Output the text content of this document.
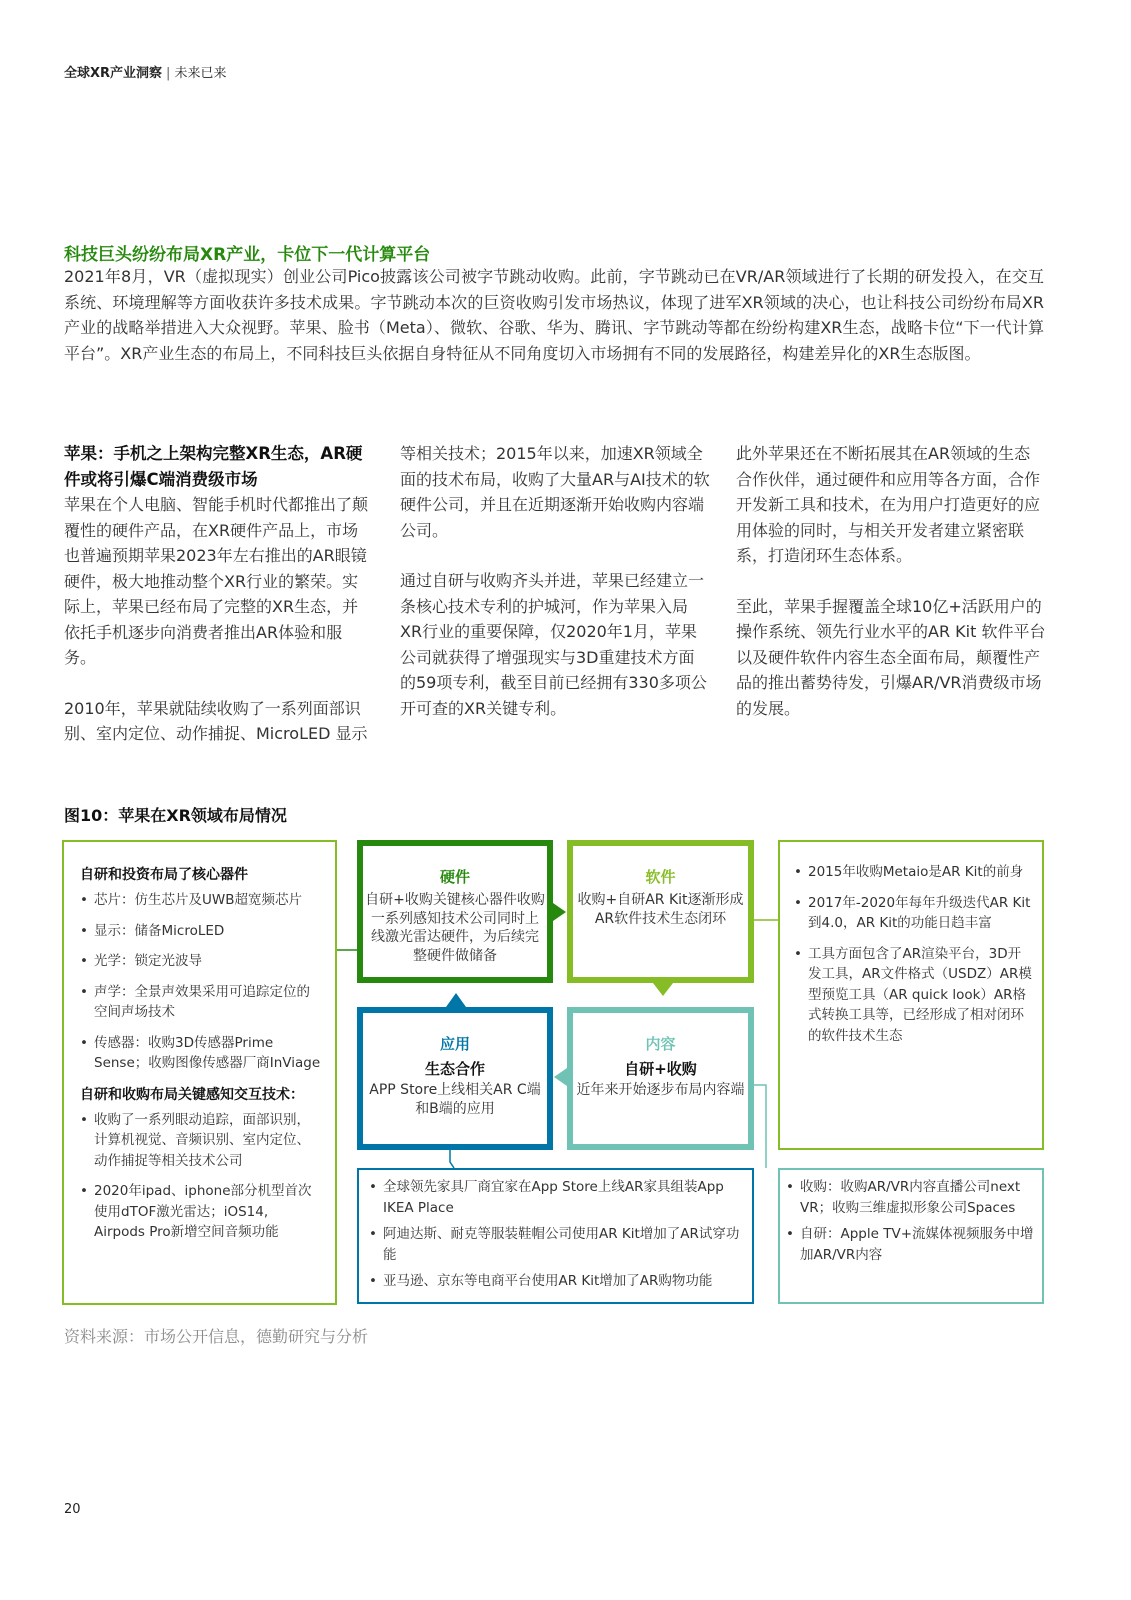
全球XR产业洞察 | 未来已来
科技巨头纷纷布局XR产业，卡位下一代计算平台
2021年8月，VR（虚拟现实）创业公司Pico披露该公司被字节跳动收购。此前，字节跳动已在VR/AR领域进行了长期的研发投入，在交互系统、环境理解等方面收获许多技术成果。字节跳动本次的巨资收购引发市场热议，体现了进军XR领域的决心，也让科技公司纷纷布局XR产业的战略举措进入大众视野。苹果、脸书（Meta）、微软、谷歌、华为、腾讯、字节跳动等都在纷纷构建XR生态，战略卡位“下一代计算平台”。XR产业生态的布局上，不同科技巨头依据自身特征从不同角度切入市场拥有不同的发展路径，构建差异化的XR生态版图。

苹果：手机之上架构完整XR生态，AR硬件或将引爆C端消费级市场

苹果在个人电脑、智能手机时代都推出了颠覆性的硬件产品，在XR硬件产品上，市场也普遍预期苹果2023年左右推出的AR眼镜硬件，极大地推动整个XR行业的繁荣。实际上，苹果已经布局了完整的XR生态，并依托手机逐步向消费者推出AR体验和服务。

2010年，苹果就陆续收购了一系列面部识别、室内定位、动作捕捉、MicroLED 显示

等相关技术；2015年以来，加速XR领域全面的技术布局，收购了大量AR与AI技术的软硬件公司，并且在近期逐渐开始收购内容端公司。

通过自研与收购齐头并进，苹果已经建立一条核心技术专利的护城河，作为苹果入局XR行业的重要保障，仅2020年1月，苹果公司就获得了增强现实与3D重建技术方面的59项专利，截至目前已经拥有330多项公开可查的XR关键专利。

此外苹果还在不断拓展其在AR领域的生态合作伙伴，通过硬件和应用等各方面，合作开发新工具和技术，在为用户打造更好的应用体验的同时，与相关开发者建立紧密联系，打造闭环生态体系。

至此，苹果手握覆盖全球10亿+活跃用户的操作系统、领先行业水平的AR Kit 软件平台以及硬件软件内容生态全面布局，颠覆性产品的推出蓄势待发，引爆AR/VR消费级市场的发展。

图10：苹果在XR领域布局情况
自研和投资布局了核心器件
• 芯片：仿生芯片及UWB超宽频芯片
• 显示：储备MicroLED
• 光学：锁定光波导
• 声学：全景声效果采用可追踪定位的空间声场技术
• 传感器：收购3D传感器Prime Sense；收购图像传感器厂商InViage
自研和收购布局关键感知交互技术：
• 收购了一系列眼动追踪，面部识别，计算机视觉、音频识别、室内定位、动作捕捉等相关技术公司
• 2020年ipad、iphone部分机型首次使用dTOF激光雷达；iOS14, Airpods Pro新增空间音频功能
硬件
自研+收购关键核心器件收购一系列感知技术公司同时上线激光雷达硬件，为后续完整硬件做储备
软件
收购+自研AR Kit逐渐形成AR软件技术生态闭环
应用
生态合作
APP Store上线相关AR C端和B端的应用
内容
自研+收购
近年来开始逐步布局内容端
• 2015年收购Metaio是AR Kit的前身
• 2017年-2020年每年升级迭代AR Kit到4.0，AR Kit的功能日趋丰富
• 工具方面包含了AR渲染平台，3D开发工具，AR文件格式（USDZ）AR模型预览工具（AR quick look）AR格式转换工具等，已经形成了相对闭环的软件技术生态
• 全球领先家具厂商宜家在App Store上线AR家具组装App IKEA Place
• 阿迪达斯、耐克等服装鞋帽公司使用AR Kit增加了AR试穿功能
• 亚马逊、京东等电商平台使用AR Kit增加了AR购物功能
• 收购：收购AR/VR内容直播公司next VR；收购三维虚拟形象公司Spaces
• 自研：Apple TV+流媒体视频服务中增加AR/VR内容
资料来源：市场公开信息，德勤研究与分析
20
